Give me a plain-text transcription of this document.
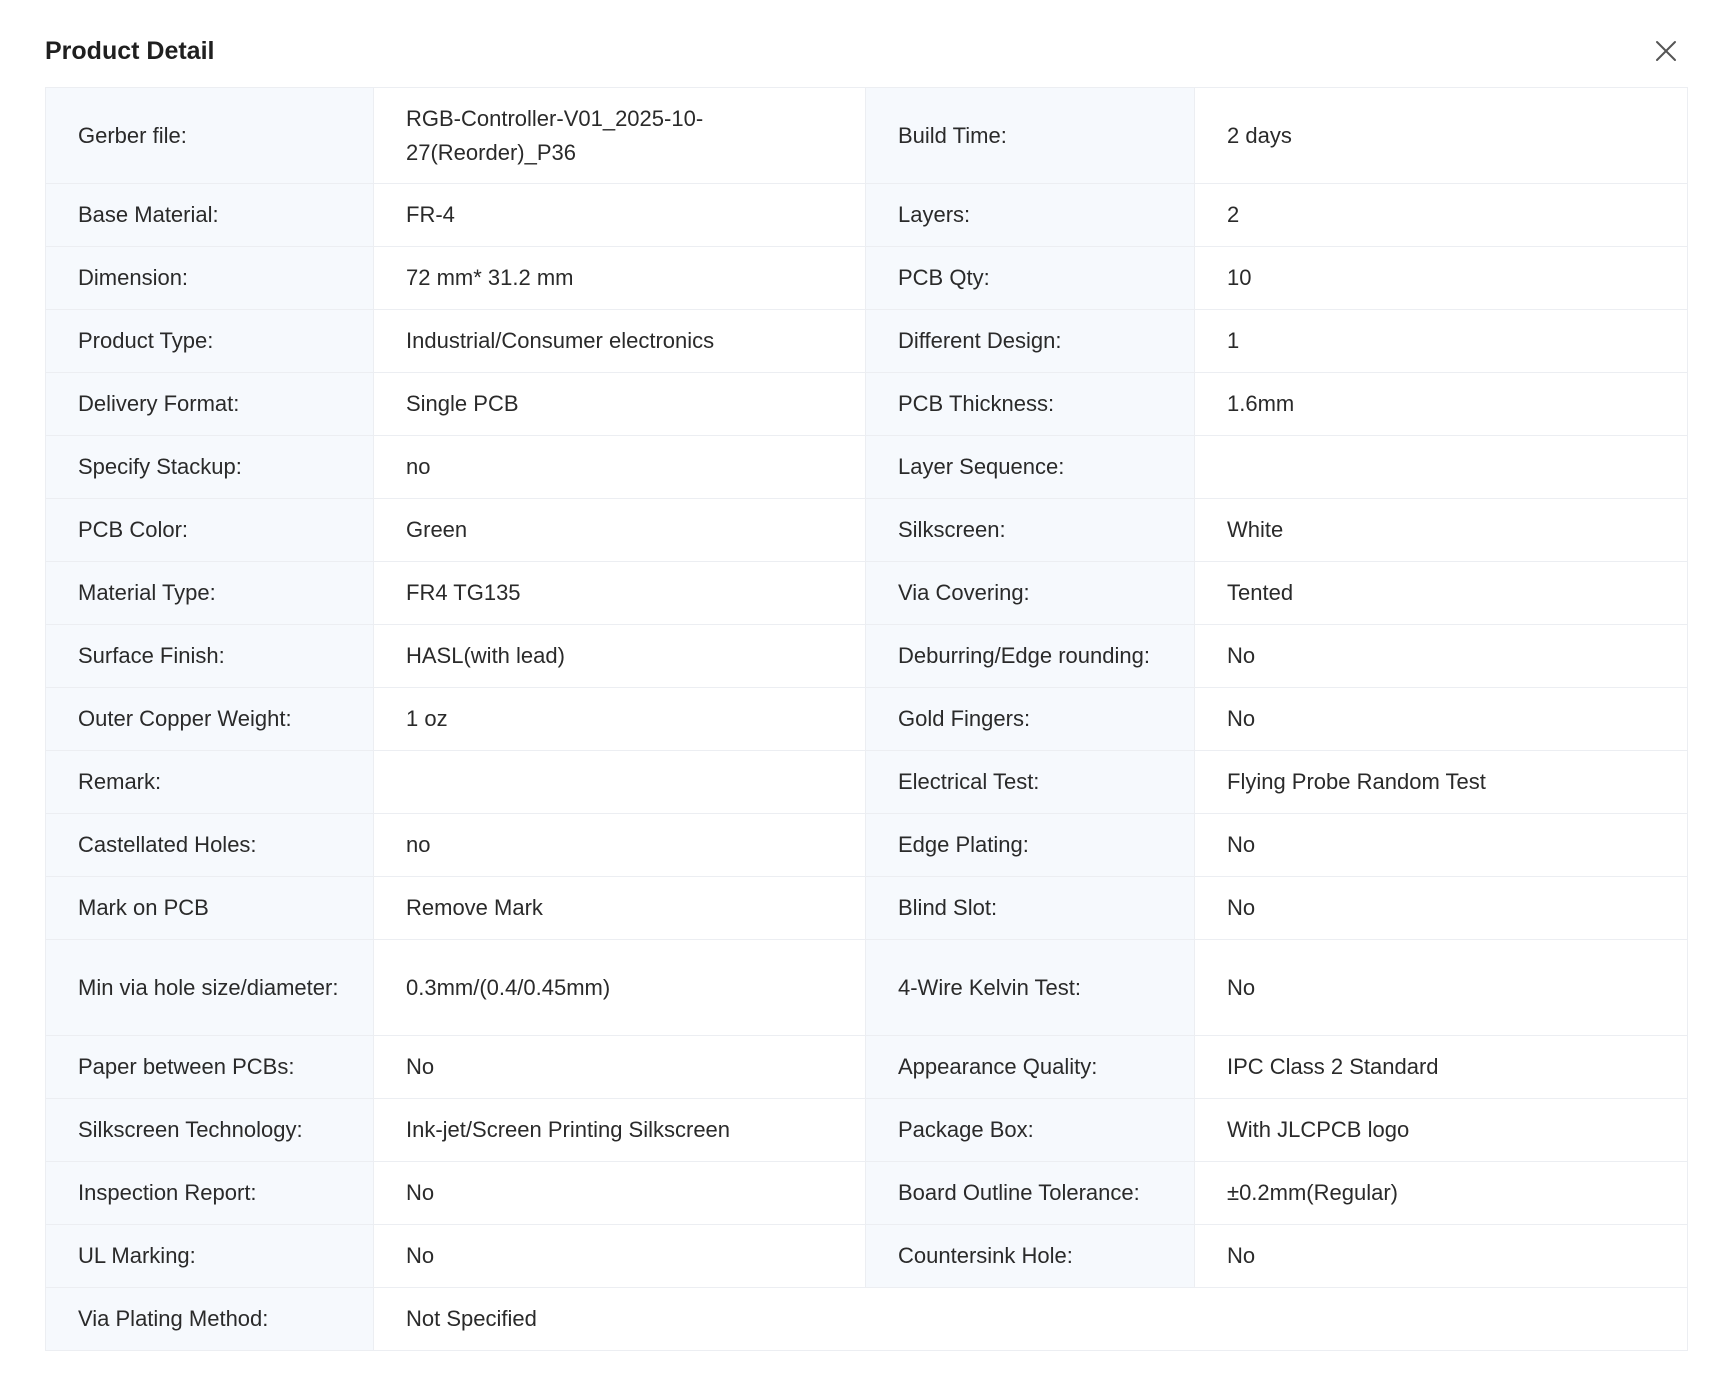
Product Detail
Gerber file:	RGB-Controller-V01_2025-10-27(Reorder)_P36	Build Time:	2 days
Base Material:	FR-4	Layers:	2
Dimension:	72 mm* 31.2 mm	PCB Qty:	10
Product Type:	Industrial/Consumer electronics	Different Design:	1
Delivery Format:	Single PCB	PCB Thickness:	1.6mm
Specify Stackup:	no	Layer Sequence:	
PCB Color:	Green	Silkscreen:	White
Material Type:	FR4 TG135	Via Covering:	Tented
Surface Finish:	HASL(with lead)	Deburring/Edge rounding:	No
Outer Copper Weight:	1 oz	Gold Fingers:	No
Remark:		Electrical Test:	Flying Probe Random Test
Castellated Holes:	no	Edge Plating:	No
Mark on PCB	Remove Mark	Blind Slot:	No
Min via hole size/diameter:	0.3mm/(0.4/0.45mm)	4-Wire Kelvin Test:	No
Paper between PCBs:	No	Appearance Quality:	IPC Class 2 Standard
Silkscreen Technology:	Ink-jet/Screen Printing Silkscreen	Package Box:	With JLCPCB logo
Inspection Report:	No	Board Outline Tolerance:	±0.2mm(Regular)
UL Marking:	No	Countersink Hole:	No
Via Plating Method:	Not Specified		
